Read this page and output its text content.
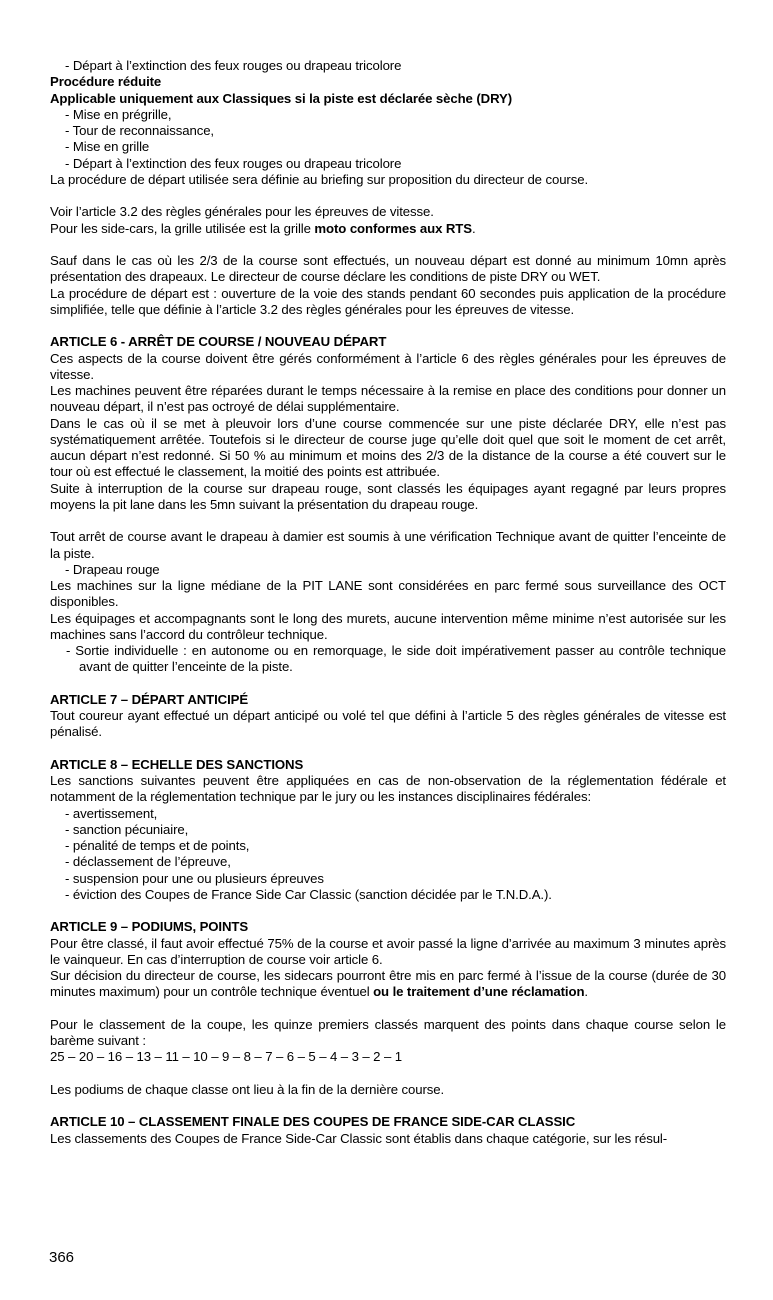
- Départ à l’extinction des feux rouges ou drapeau tricolore
Procédure réduite
Applicable uniquement aux Classiques si la piste est déclarée sèche (DRY)
- Mise en prégrille,
- Tour de reconnaissance,
- Mise en grille
- Départ à l’extinction des feux rouges ou drapeau tricolore
La procédure de départ utilisée sera définie au briefing sur proposition du directeur de course.
Voir l’article 3.2 des règles générales pour les épreuves de vitesse.
Pour les side-cars, la grille utilisée est la grille moto conformes aux RTS.
Sauf dans le cas où les 2/3 de la course sont effectués, un nouveau départ est donné au minimum 10mn après présentation des drapeaux. Le directeur de course déclare les conditions de piste DRY ou WET.
La procédure de départ est : ouverture de la voie des stands pendant 60 secondes puis application de la procédure simplifiée, telle que définie à l’article 3.2 des règles générales pour les épreuves de vitesse.
ARTICLE 6 - ARRÊT DE COURSE / NOUVEAU DÉPART
Ces aspects de la course doivent être gérés conformément à l’article 6 des règles générales pour les épreuves de vitesse.
Les machines peuvent être réparées durant le temps nécessaire à la remise en place des conditions pour donner un nouveau départ, il n’est pas octroyé de délai supplémentaire.
Dans le cas où il se met à pleuvoir lors d’une course commencée sur une piste déclarée DRY, elle n’est pas systématiquement arrêtée. Toutefois si le directeur de course juge qu’elle doit quel que soit le moment de cet arrêt, aucun départ n’est redonné. Si 50 % au minimum et moins des 2/3 de la distance de la course a été couvert sur le tour où est effectué le classement, la moitié des points est attribuée.
Suite à interruption de la course sur drapeau rouge, sont classés les équipages ayant regagné par leurs propres moyens la pit lane dans les 5mn suivant la présentation du drapeau rouge.
Tout arrêt de course avant le drapeau à damier est soumis à une vérification Technique avant de quitter l’enceinte de la piste.
- Drapeau rouge
Les machines sur la ligne médiane de la PIT LANE sont considérées en parc fermé sous surveillance des OCT disponibles.
Les équipages et accompagnants sont le long des murets, aucune intervention même minime n’est autorisée sur les machines sans l’accord du contrôleur technique.
- Sortie individuelle : en autonome ou en remorquage, le side doit impérativement passer au contrôle technique avant de quitter l’enceinte de la piste.
ARTICLE 7 – DÉPART ANTICIPÉ
Tout coureur ayant effectué un départ anticipé ou volé tel que défini à l’article 5 des règles générales de vitesse est pénalisé.
ARTICLE 8 – ECHELLE DES SANCTIONS
Les sanctions suivantes peuvent être appliquées en cas de non-observation de la réglementation fédérale et notamment de la réglementation technique par le jury ou les instances disciplinaires fédérales:
- avertissement,
- sanction pécuniaire,
- pénalité de temps et de points,
- déclassement de l’épreuve,
- suspension pour une ou plusieurs épreuves
- éviction des Coupes de France Side Car Classic (sanction décidée par le T.N.D.A.).
ARTICLE 9 – PODIUMS, POINTS
Pour être classé, il faut avoir effectué 75% de la course et avoir passé la ligne d’arrivée au maximum 3 minutes après le vainqueur. En cas d’interruption de course voir article 6.
Sur décision du directeur de course, les sidecars pourront être mis en parc fermé à l’issue de la course (durée de 30 minutes maximum) pour un contrôle technique éventuel ou le traitement d’une réclamation.
Pour le classement de la coupe, les quinze premiers classés marquent des points dans chaque course selon le barème suivant :
25 – 20 – 16 – 13 – 11 – 10 – 9 – 8 – 7 – 6 – 5 – 4 – 3 – 2 – 1
Les podiums de chaque classe ont lieu à la fin de la dernière course.
ARTICLE 10 – CLASSEMENT FINALE DES COUPES DE FRANCE SIDE-CAR CLASSIC
Les classements des Coupes de France Side-Car Classic sont établis dans chaque catégorie, sur les résul-
366
